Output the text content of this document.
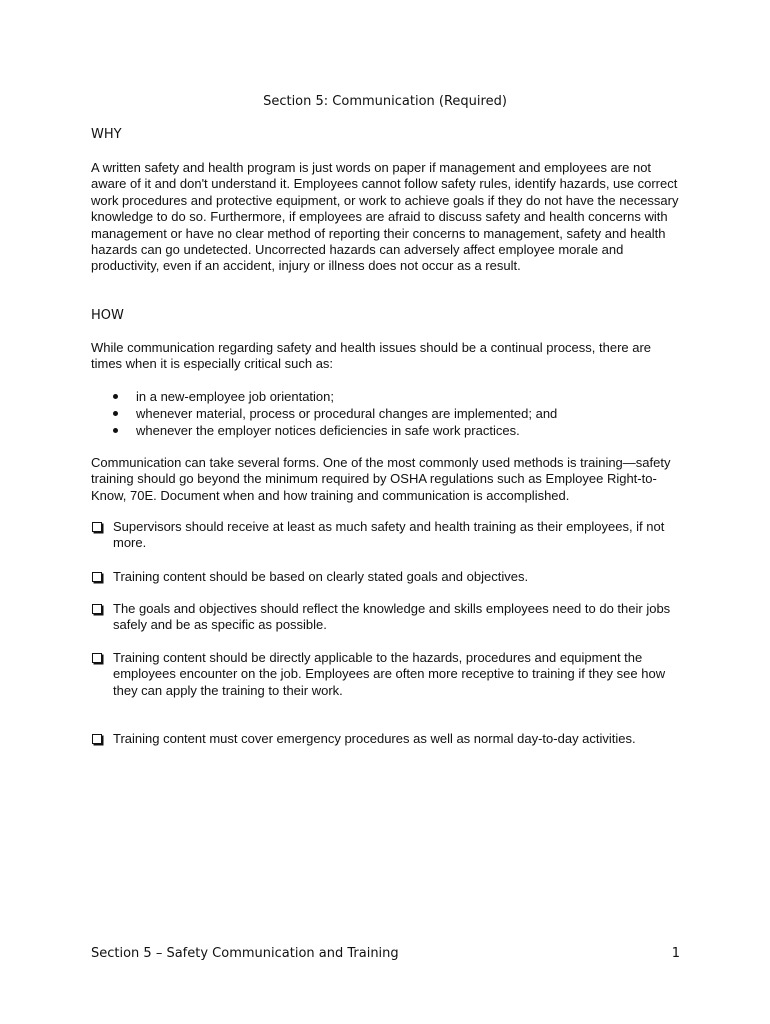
Section 5: Communication (Required)
WHY

A written safety and health program is just words on paper if management and employees are not aware of it and don't understand it. Employees cannot follow safety rules, identify hazards, use correct work procedures and protective equipment, or work to achieve goals if they do not have the necessary knowledge to do so. Furthermore, if employees are afraid to discuss safety and health concerns with management or have no clear method of reporting their concerns to management, safety and health hazards can go undetected. Uncorrected hazards can adversely affect employee morale and productivity, even if an accident, injury or illness does not occur as a result.

HOW

While communication regarding safety and health issues should be a continual process, there are times when it is especially critical such as:

in a new-employee job orientation;
whenever material, process or procedural changes are implemented; and
whenever the employer notices deficiencies in safe work practices.

Communication can take several forms. One of the most commonly used methods is training—safety training should go beyond the minimum required by OSHA regulations such as Employee Right-to-Know, 70E. Document when and how training and communication is accomplished.

Supervisors should receive at least as much safety and health training as their employees, if not more.
Training content should be based on clearly stated goals and objectives.
The goals and objectives should reflect the knowledge and skills employees need to do their jobs safely and be as specific as possible.
Training content should be directly applicable to the hazards, procedures and equipment the employees encounter on the job. Employees are often more receptive to training if they see how they can apply the training to their work.
Training content must cover emergency procedures as well as normal day-to-day activities.
Section 5 – Safety Communication and Training	1
